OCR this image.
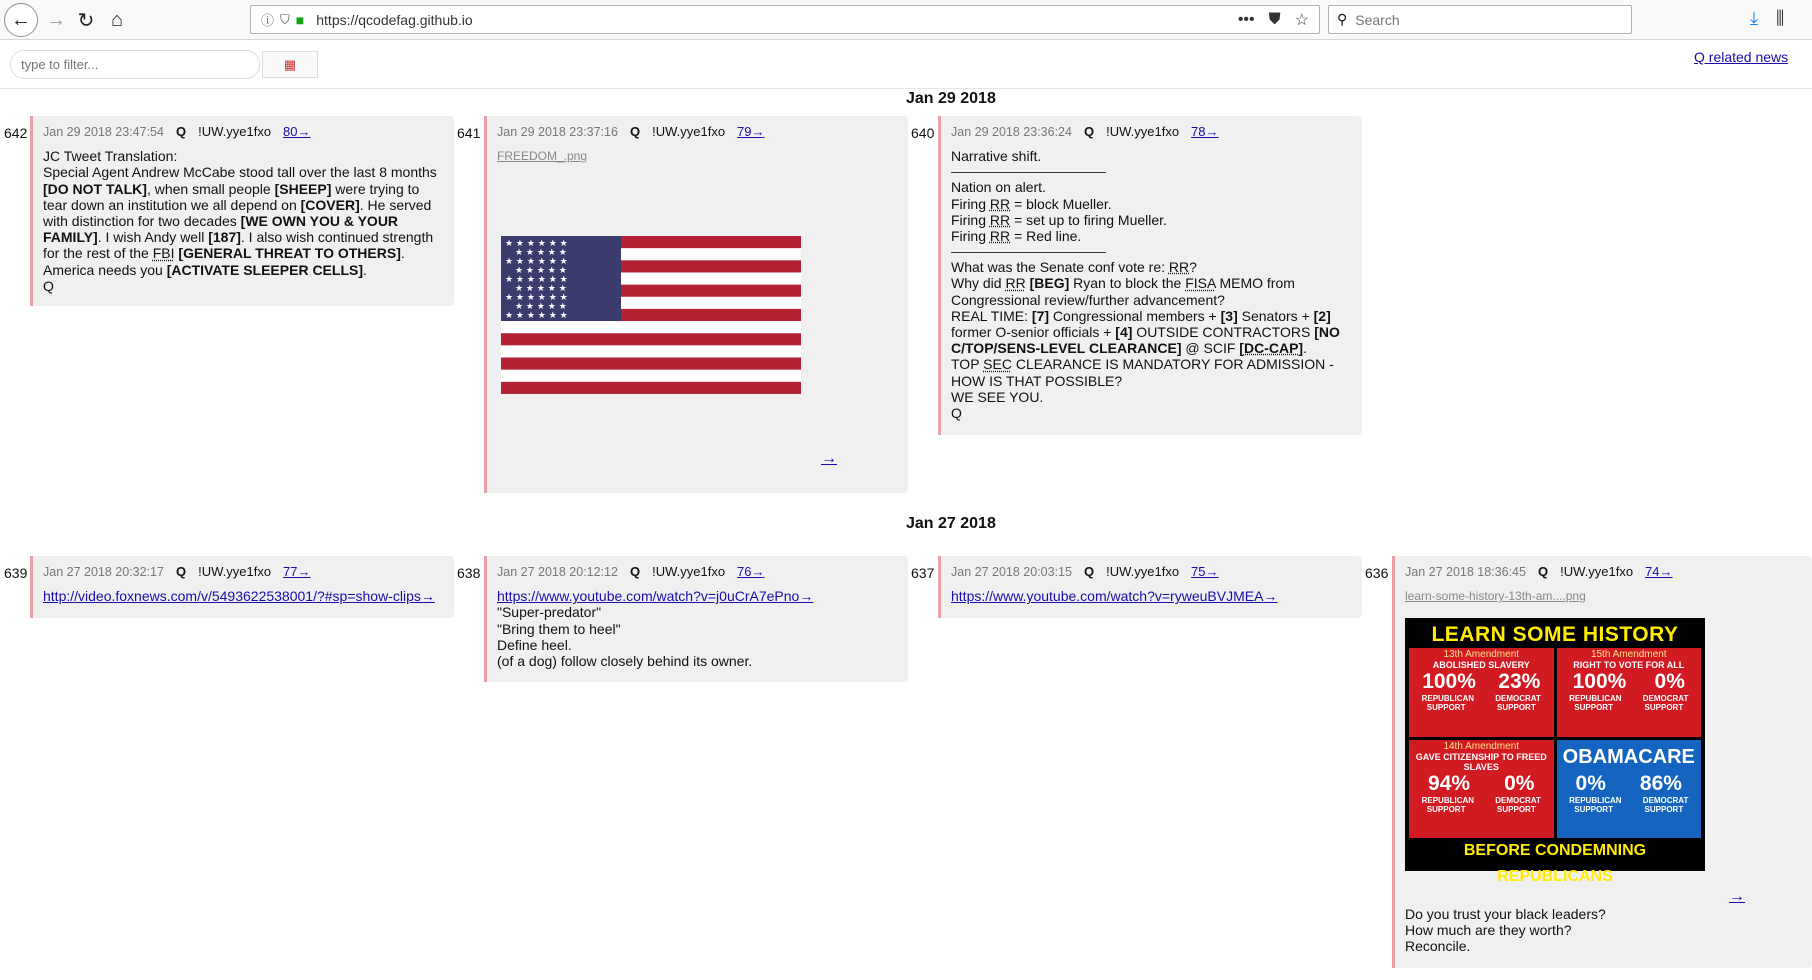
← → ↻ ⌂	ⓘ ⛉ ■ https://qcodefag.github.io	••• ⛊ ☆ ⚲
Search	⤓ ⫼
type to filter...
▦	Q related news
Jan 29 2018
Jan 27 2018
642 Jan 29 2018 23:47:54 Q !UW.yye1fxo 80→
JC Tweet Translation:
Special Agent Andrew McCabe stood tall over the last 8 months
[DO NOT TALK], when small people [SHEEP] were trying to
tear down an institution we all depend on [COVER]. He served
with distinction for two decades [WE OWN YOU & YOUR
FAMILY]. I wish Andy well [187]. I also wish continued strength
for the rest of the FBI [GENERAL THREAT TO OTHERS].
America needs you [ACTIVATE SLEEPER CELLS].
Q
641 Jan 29 2018 23:37:16 Q !UW.yye1fxo 79→
FREEDOM_.png
★ ★ ★ ★ ★ ★
★ ★ ★ ★ ★
★ ★ ★ ★ ★ ★
★ ★ ★ ★ ★
★ ★ ★ ★ ★ ★
★ ★ ★ ★ ★
★ ★ ★ ★ ★ ★
★ ★ ★ ★ ★
★ ★ ★ ★ ★ ★
→
640 Jan 29 2018 23:36:24 Q !UW.yye1fxo 78→
Narrative shift.
Nation on alert.
Firing RR = block Mueller.
Firing RR = set up to firing Mueller.
Firing RR = Red line.
What was the Senate conf vote re: RR?
Why did RR [BEG] Ryan to block the FISA MEMO from
Congressional review/further advancement?
REAL TIME: [7] Congressional members + [3] Senators + [2]
former O-senior officials + [4] OUTSIDE CONTRACTORS [NO
C/TOP/SENS-LEVEL CLEARANCE] @ SCIF [DC-CAP].
TOP SEC CLEARANCE IS MANDATORY FOR ADMISSION -
HOW IS THAT POSSIBLE?
WE SEE YOU.
Q
639 Jan 27 2018 20:32:17 Q !UW.yye1fxo 77→
http://video.foxnews.com/v/5493622538001/?#sp=show-clips→
638 Jan 27 2018 20:12:12 Q !UW.yye1fxo 76→
https://www.youtube.com/watch?v=j0uCrA7ePno→
"Super-predator"
"Bring them to heel"
Define heel.
(of a dog) follow closely behind its owner.
637 Jan 27 2018 20:03:15 Q !UW.yye1fxo 75→
https://www.youtube.com/watch?v=ryweuBVJMEA→
636 Jan 27 2018 18:36:45 Q !UW.yye1fxo 74→
learn-some-history-13th-am....png
LEARN SOME HISTORY
13th Amendment
ABOLISHED SLAVERY
100% 23%
REPUBLICAN	DEMOCRAT
SUPPORT	SUPPORT
15th Amendment
RIGHT TO VOTE FOR ALL
100% 0%
REPUBLICAN	DEMOCRAT
SUPPORT	SUPPORT
14th Amendment
GAVE CITIZENSHIP TO FREED SLAVES
94% 0%
REPUBLICAN	DEMOCRAT
SUPPORT	SUPPORT
OBAMACARE
0% 86%
REPUBLICAN	DEMOCRAT
SUPPORT	SUPPORT
BEFORE CONDEMNING REPUBLICANS
→
Do you trust your black leaders?
How much are they worth?
Reconcile.
